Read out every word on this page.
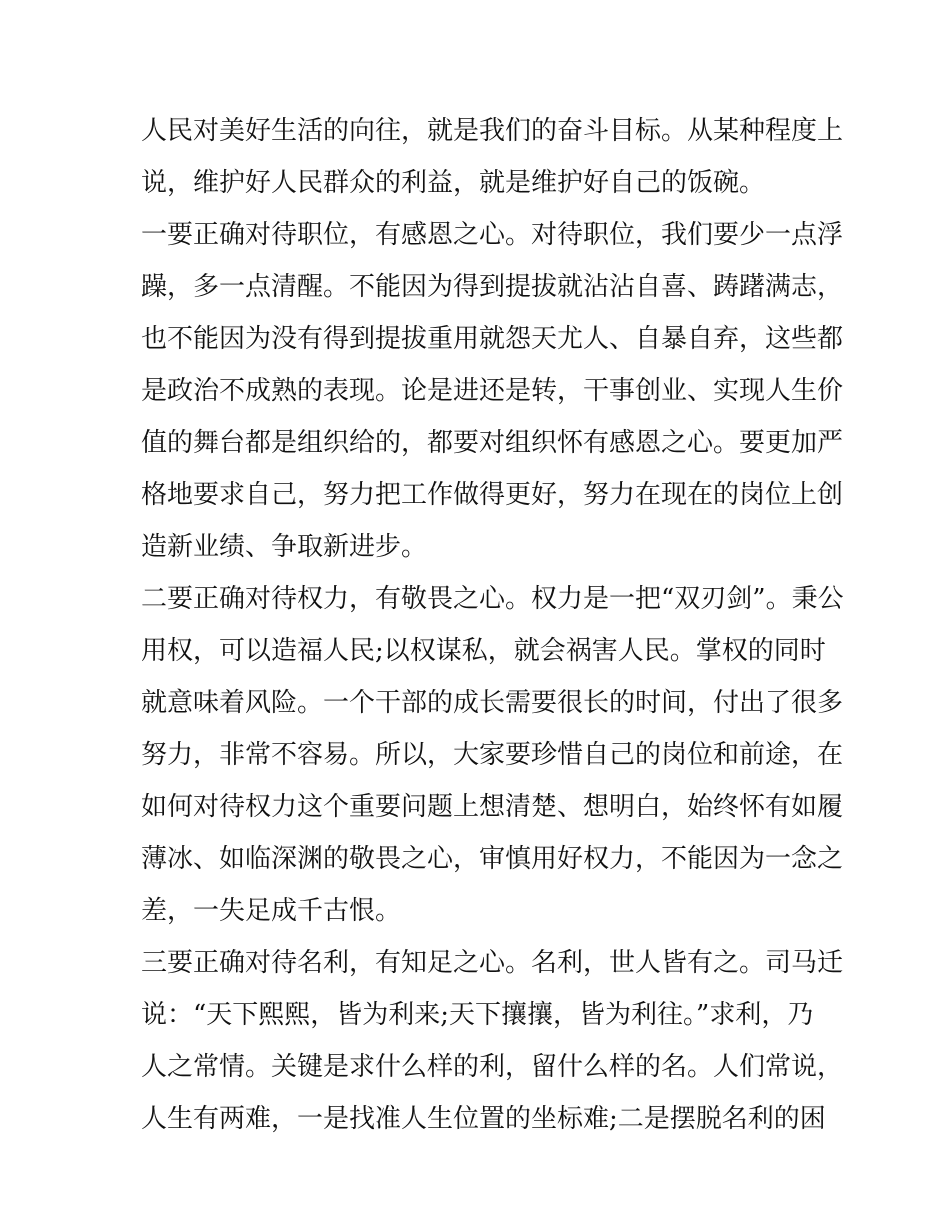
人民对美好生活的向往，就是我们的奋斗目标。从某种程度上
说，维护好人民群众的利益，就是维护好自己的饭碗。
一要正确对待职位，有感恩之心。对待职位，我们要少一点浮
躁，多一点清醒。不能因为得到提拔就沾沾自喜、踌躇满志，
也不能因为没有得到提拔重用就怨天尤人、自暴自弃，这些都
是政治不成熟的表现。论是进还是转，干事创业、实现人生价
值的舞台都是组织给的，都要对组织怀有感恩之心。要更加严
格地要求自己，努力把工作做得更好，努力在现在的岗位上创
造新业绩、争取新进步。
二要正确对待权力，有敬畏之心。权力是一把“双刃剑”。秉公
用权，可以造福人民;以权谋私，就会祸害人民。掌权的同时
就意味着风险。一个干部的成长需要很长的时间，付出了很多
努力，非常不容易。所以，大家要珍惜自己的岗位和前途，在
如何对待权力这个重要问题上想清楚、想明白，始终怀有如履
薄冰、如临深渊的敬畏之心，审慎用好权力，不能因为一念之
差，一失足成千古恨。
三要正确对待名利，有知足之心。名利，世人皆有之。司马迁
说：“天下熙熙，皆为利来;天下攘攘，皆为利往。”求利，乃
人之常情。关键是求什么样的利，留什么样的名。人们常说，
人生有两难，一是找准人生位置的坐标难;二是摆脱名利的困
